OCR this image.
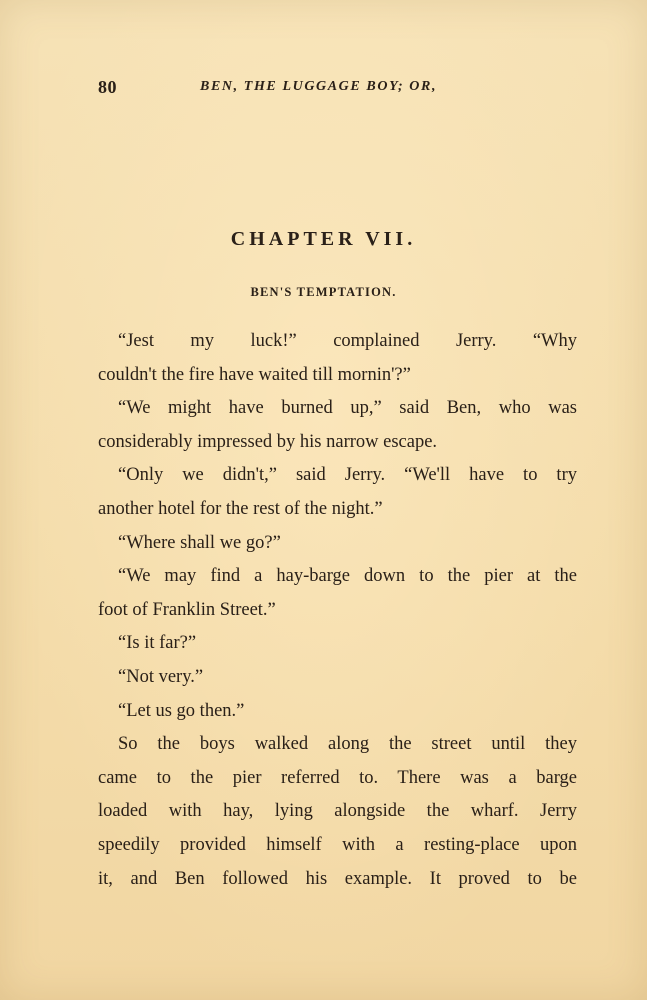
80	BEN, THE LUGGAGE BOY; OR,
CHAPTER VII.
BEN'S TEMPTATION.
“Jest my luck!” complained Jerry. “Why
couldn't the fire have waited till mornin'?”
“We might have burned up,” said Ben, who was
considerably impressed by his narrow escape.
“Only we didn't,” said Jerry. “We'll have to try
another hotel for the rest of the night.”
“Where shall we go?”
“We may find a hay-barge down to the pier at the
foot of Franklin Street.”
“Is it far?”
“Not very.”
“Let us go then.”
So the boys walked along the street until they
came to the pier referred to. There was a barge
loaded with hay, lying alongside the wharf. Jerry
speedily provided himself with a resting-place upon
it, and Ben followed his example. It proved to be
